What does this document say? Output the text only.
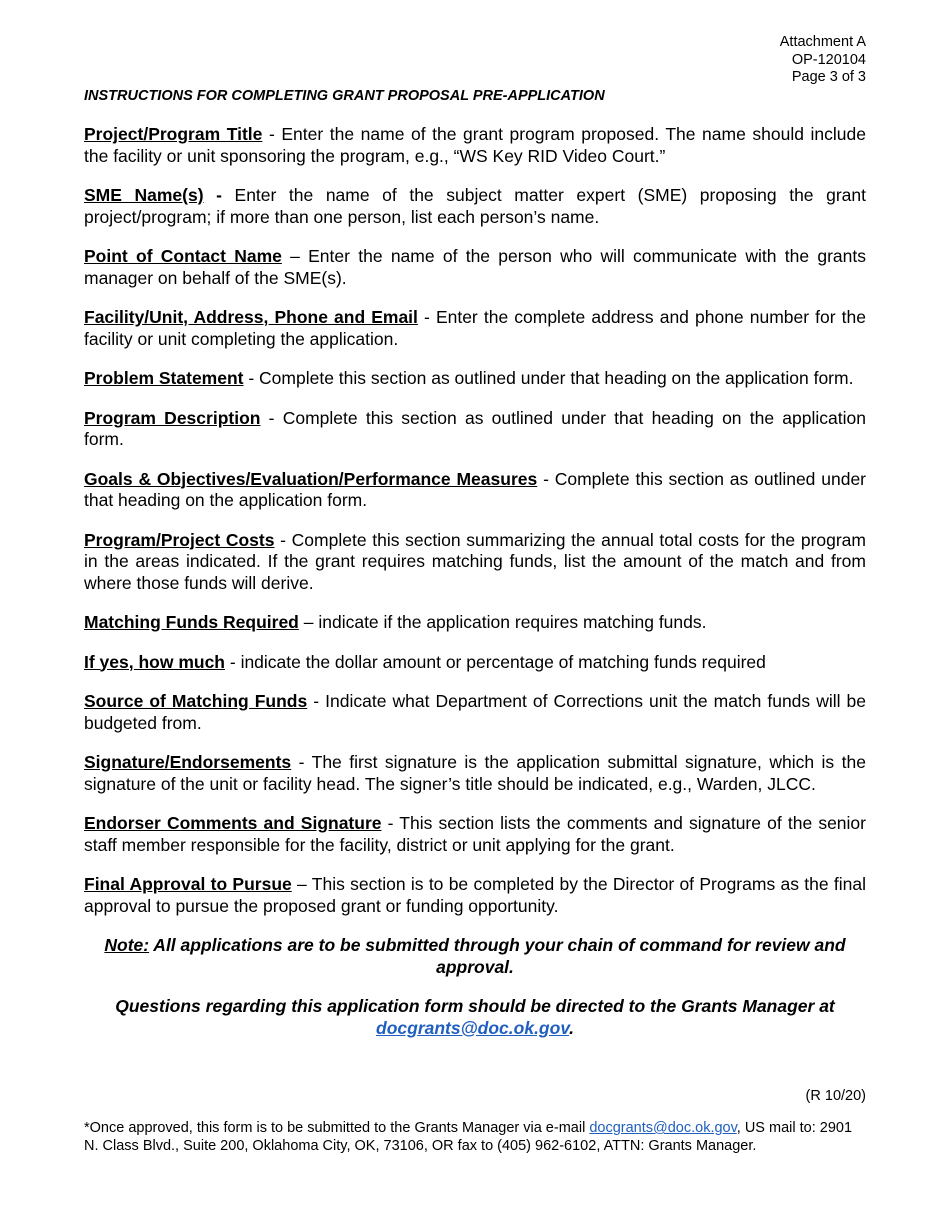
Attachment A
OP-120104
Page 3 of 3
INSTRUCTIONS FOR COMPLETING GRANT PROPOSAL PRE-APPLICATION

Project/Program Title - Enter the name of the grant program proposed. The name should include the facility or unit sponsoring the program, e.g., “WS Key RID Video Court.”

SME Name(s) - Enter the name of the subject matter expert (SME) proposing the grant project/program; if more than one person, list each person’s name.

Point of Contact Name – Enter the name of the person who will communicate with the grants manager on behalf of the SME(s).

Facility/Unit, Address, Phone and Email - Enter the complete address and phone number for the facility or unit completing the application.

Problem Statement - Complete this section as outlined under that heading on the application form.

Program Description - Complete this section as outlined under that heading on the application form.

Goals & Objectives/Evaluation/Performance Measures - Complete this section as outlined under that heading on the application form.

Program/Project Costs - Complete this section summarizing the annual total costs for the program in the areas indicated. If the grant requires matching funds, list the amount of the match and from where those funds will derive.

Matching Funds Required – indicate if the application requires matching funds.

If yes, how much - indicate the dollar amount or percentage of matching funds required

Source of Matching Funds - Indicate what Department of Corrections unit the match funds will be budgeted from.

Signature/Endorsements - The first signature is the application submittal signature, which is the signature of the unit or facility head. The signer’s title should be indicated, e.g., Warden, JLCC.

Endorser Comments and Signature - This section lists the comments and signature of the senior staff member responsible for the facility, district or unit applying for the grant.

Final Approval to Pursue – This section is to be completed by the Director of Programs as the final approval to pursue the proposed grant or funding opportunity.

Note: All applications are to be submitted through your chain of command for review and approval.

Questions regarding this application form should be directed to the Grants Manager at docgrants@doc.ok.gov.

(R 10/20)
*Once approved, this form is to be submitted to the Grants Manager via e-mail docgrants@doc.ok.gov, US mail to: 2901 N. Class Blvd., Suite 200, Oklahoma City, OK, 73106, OR fax to (405) 962-6102, ATTN: Grants Manager.
